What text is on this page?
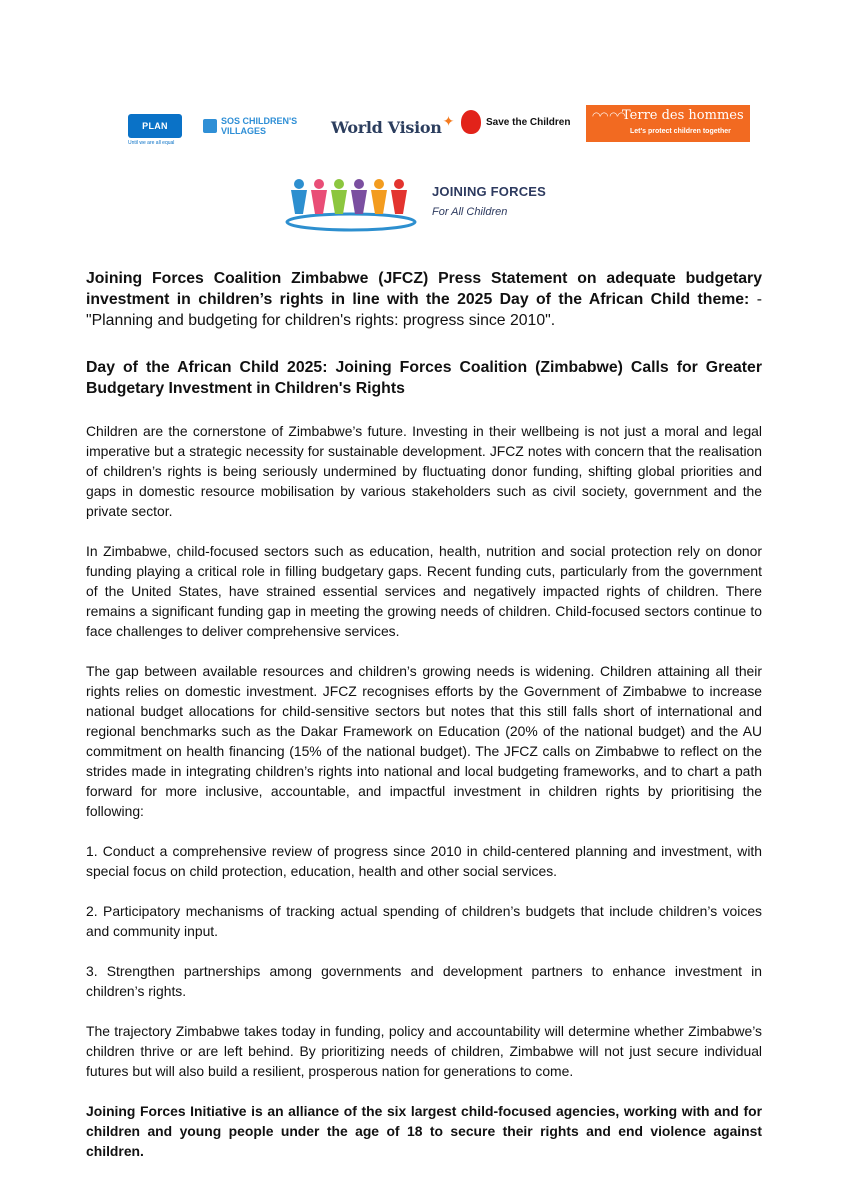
PLAN
Until we are all equal
SOS CHILDREN'S
VILLAGES	World Vision ✦	Save the Children ◠◠ ◠◠
Terre des hommes
Let's protect children together
JOINING FORCES
For All Children

Joining Forces Coalition Zimbabwe (JFCZ) Press Statement on adequate budgetary investment in children’s rights in line with the 2025 Day of the African Child theme: - "Planning and budgeting for children's rights: progress since 2010".

Day of the African Child 2025: Joining Forces Coalition (Zimbabwe) Calls for Greater Budgetary Investment in Children's Rights

Children are the cornerstone of Zimbabwe’s future. Investing in their wellbeing is not just a moral and legal imperative but a strategic necessity for sustainable development. JFCZ notes with concern that the realisation of children’s rights is being seriously undermined by fluctuating donor funding, shifting global priorities and gaps in domestic resource mobilisation by various stakeholders such as civil society, government and the private sector.

In Zimbabwe, child-focused sectors such as education, health, nutrition and social protection rely on donor funding playing a critical role in filling budgetary gaps. Recent funding cuts, particularly from the government of the United States, have strained essential services and negatively impacted rights of children. There remains a significant funding gap in meeting the growing needs of children. Child-focused sectors continue to face challenges to deliver comprehensive services.

The gap between available resources and children’s growing needs is widening. Children attaining all their rights relies on domestic investment. JFCZ recognises efforts by the Government of Zimbabwe to increase national budget allocations for child-sensitive sectors but notes that this still falls short of international and regional benchmarks such as the Dakar Framework on Education (20% of the national budget) and the AU commitment on health financing (15% of the national budget). The JFCZ calls on Zimbabwe to reflect on the strides made in integrating children’s rights into national and local budgeting frameworks, and to chart a path forward for more inclusive, accountable, and impactful investment in children rights by prioritising the following:

1. Conduct a comprehensive review of progress since 2010 in child-centered planning and investment, with special focus on child protection, education, health and other social services.

2. Participatory mechanisms of tracking actual spending of children’s budgets that include children’s voices and community input.

3. Strengthen partnerships among governments and development partners to enhance investment in children’s rights.

The trajectory Zimbabwe takes today in funding, policy and accountability will determine whether Zimbabwe’s children thrive or are left behind. By prioritizing needs of children, Zimbabwe will not just secure individual futures but will also build a resilient, prosperous nation for generations to come.

Joining Forces Initiative is an alliance of the six largest child-focused agencies, working with and for children and young people under the age of 18 to secure their rights and end violence against children.
